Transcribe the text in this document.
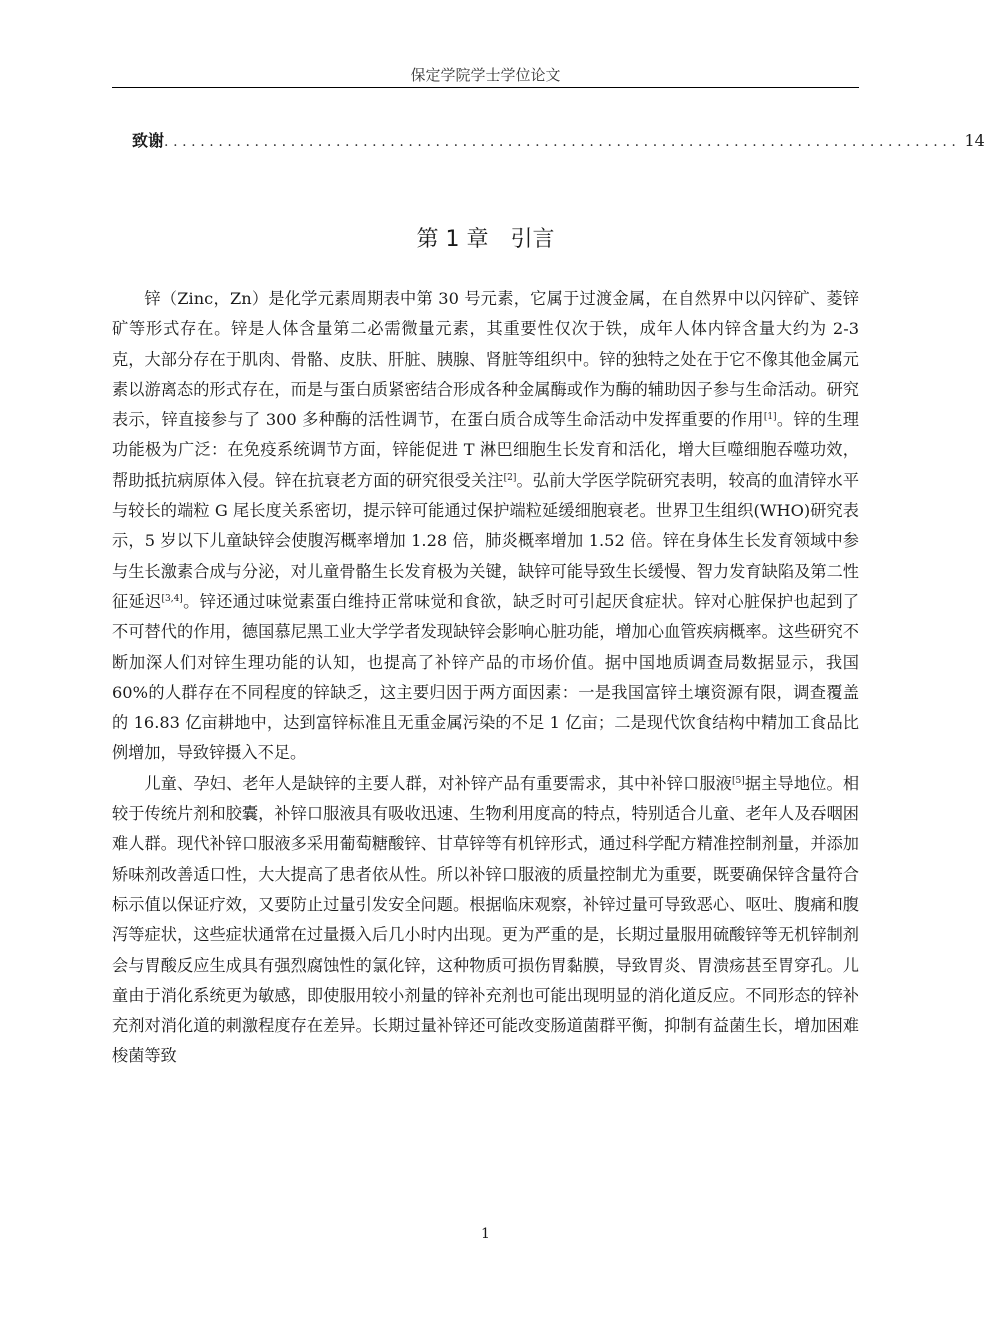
保定学院学士学位论文
致谢 ........................................................................................ 14
第 1 章 引言

锌（Zinc，Zn）是化学元素周期表中第 30 号元素，它属于过渡金属，在自然界中以闪锌矿、菱锌矿等形式存在。锌是人体含量第二必需微量元素，其重要性仅次于铁，成年人体内锌含量大约为 2-3 克，大部分存在于肌肉、骨骼、皮肤、肝脏、胰腺、肾脏等组织中。锌的独特之处在于它不像其他金属元素以游离态的形式存在，而是与蛋白质紧密结合形成各种金属酶或作为酶的辅助因子参与生命活动。研究表示，锌直接参与了 300 多种酶的活性调节，在蛋白质合成等生命活动中发挥重要的作用[1]。锌的生理功能极为广泛：在免疫系统调节方面，锌能促进 T 淋巴细胞生长发育和活化，增大巨噬细胞吞噬功效，帮助抵抗病原体入侵。锌在抗衰老方面的研究很受关注[2]。弘前大学医学院研究表明，较高的血清锌水平与较长的端粒 G 尾长度关系密切，提示锌可能通过保护端粒延缓细胞衰老。世界卫生组织(WHO)研究表示，5 岁以下儿童缺锌会使腹泻概率增加 1.28 倍，肺炎概率增加 1.52 倍。锌在身体生长发育领域中参与生长激素合成与分泌，对儿童骨骼生长发育极为关键，缺锌可能导致生长缓慢、智力发育缺陷及第二性征延迟[3,4]。锌还通过味觉素蛋白维持正常味觉和食欲，缺乏时可引起厌食症状。锌对心脏保护也起到了不可替代的作用，德国慕尼黑工业大学学者发现缺锌会影响心脏功能，增加心血管疾病概率。这些研究不断加深人们对锌生理功能的认知，也提高了补锌产品的市场价值。据中国地质调查局数据显示，我国 60%的人群存在不同程度的锌缺乏，这主要归因于两方面因素：一是我国富锌土壤资源有限，调查覆盖的 16.83 亿亩耕地中，达到富锌标准且无重金属污染的不足 1 亿亩；二是现代饮食结构中精加工食品比例增加，导致锌摄入不足。

儿童、孕妇、老年人是缺锌的主要人群，对补锌产品有重要需求，其中补锌口服液[5]据主导地位。相较于传统片剂和胶囊，补锌口服液具有吸收迅速、生物利用度高的特点，特别适合儿童、老年人及吞咽困难人群。现代补锌口服液多采用葡萄糖酸锌、甘草锌等有机锌形式，通过科学配方精准控制剂量，并添加矫味剂改善适口性，大大提高了患者依从性。所以补锌口服液的质量控制尤为重要，既要确保锌含量符合标示值以保证疗效，又要防止过量引发安全问题。根据临床观察，补锌过量可导致恶心、呕吐、腹痛和腹泻等症状，这些症状通常在过量摄入后几小时内出现。更为严重的是，长期过量服用硫酸锌等无机锌制剂会与胃酸反应生成具有强烈腐蚀性的氯化锌，这种物质可损伤胃黏膜，导致胃炎、胃溃疡甚至胃穿孔。儿童由于消化系统更为敏感，即使服用较小剂量的锌补充剂也可能出现明显的消化道反应。不同形态的锌补充剂对消化道的刺激程度存在差异。长期过量补锌还可能改变肠道菌群平衡，抑制有益菌生长，增加困难梭菌等致

1
